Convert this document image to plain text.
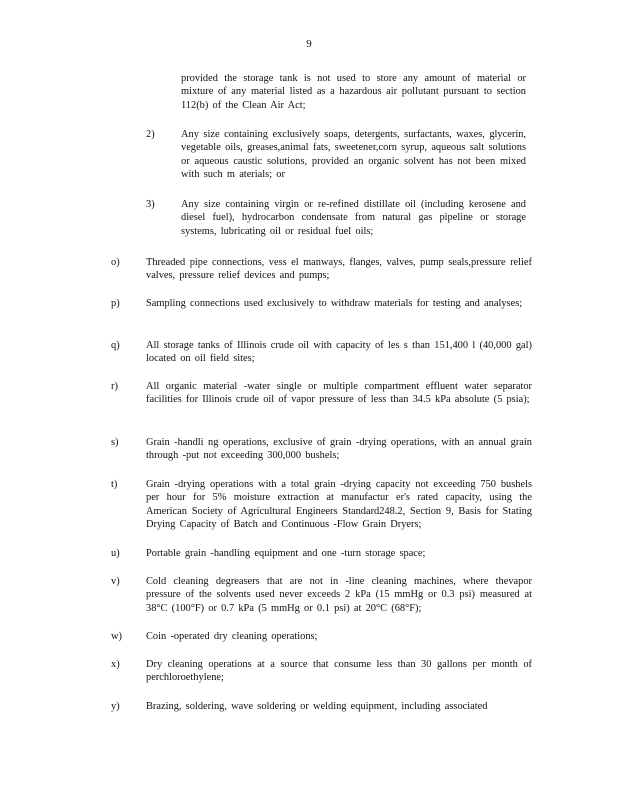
9
provided the storage tank is not used to store any amount of material or mixture of any material listed as a hazardous air pollutant pursuant to section 112(b) of the Clean Air Act;
2)	Any size containing exclusively soaps, detergents, surfactants, waxes, glycerin, vegetable oils, greases,animal fats, sweetener,corn syrup, aqueous salt solutions or aqueous caustic solutions, provided an organic solvent has not been mixed with such m aterials; or
3)	Any size containing virgin or re-refined distillate oil (including kerosene and diesel fuel), hydrocarbon condensate from natural gas pipeline or storage systems, lubricating oil or residual fuel oils;
o)	Threaded pipe connections, vess el manways, flanges, valves, pump seals,pressure relief valves, pressure relief devices and pumps;
p)	Sampling connections used exclusively to withdraw materials for testing and analyses;
q)	All storage tanks of Illinois crude oil with capacity of les s than 151,400 l (40,000 gal) located on oil field sites;
r)	All organic material -water single or multiple compartment effluent water separator facilities for Illinois crude oil of vapor pressure of less than 34.5 kPa absolute (5 psia);
s)	Grain -handli ng operations, exclusive of grain -drying operations, with an annual grain through -put not exceeding 300,000 bushels;
t)	Grain -drying operations with a total grain -drying capacity not exceeding 750 bushels per hour for 5% moisture extraction at manufactur er's rated capacity, using the American Society of Agricultural Engineers Standard248.2, Section 9, Basis for Stating Drying Capacity of Batch and Continuous -Flow Grain Dryers;
u)	Portable grain -handling equipment and one -turn storage space;
v)	Cold cleaning degreasers that are not in -line cleaning machines, where thevapor pressure of the solvents used never exceeds 2 kPa (15 mmHg or 0.3 psi) measured at 38°C (100°F) or 0.7 kPa (5 mmHg or 0.1 psi) at 20°C (68°F);
w) Coin -operated dry cleaning operations;
x)	Dry cleaning operations at a source that consume less than 30 gallons per month of perchloroethylene;
y)	Brazing, soldering, wave soldering or welding equipment, including associated
